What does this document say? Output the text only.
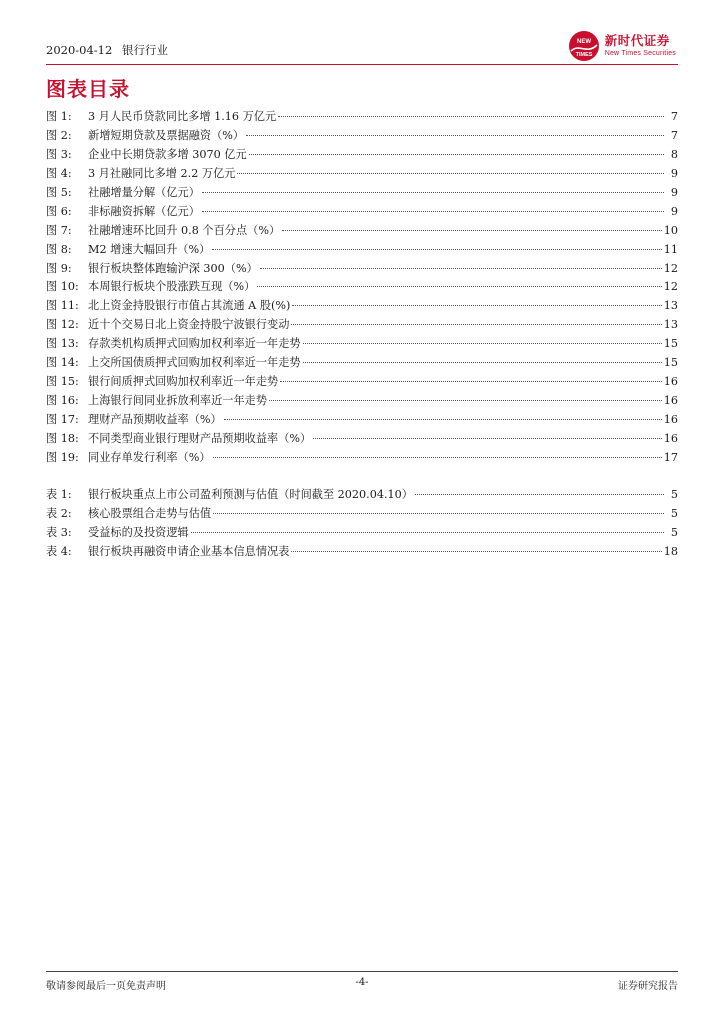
2020-04-12 银行行业
NEW
TIMES
新时代证券
New Times Securities
图表目录
图 1:	3 月人民币贷款同比多增 1.16 万亿元	7
图 2:	新增短期贷款及票据融资（%）	7
图 3:	企业中长期贷款多增 3070 亿元	8
图 4:	3 月社融同比多增 2.2 万亿元	9
图 5:	社融增量分解（亿元）	9
图 6:	非标融资拆解（亿元）	9
图 7:	社融增速环比回升 0.8 个百分点（%）	10
图 8:	M2 增速大幅回升（%）	11
图 9:	银行板块整体跑输沪深 300（%）	12
图 10: 本周银行板块个股涨跌互现（%）	12
图 11: 北上资金持股银行市值占其流通 A 股(%)	13
图 12: 近十个交易日北上资金持股宁波银行变动	13
图 13: 存款类机构质押式回购加权利率近一年走势	15
图 14: 上交所国债质押式回购加权利率近一年走势	15
图 15: 银行间质押式回购加权利率近一年走势	16
图 16: 上海银行间同业拆放利率近一年走势	16
图 17: 理财产品预期收益率（%）	16
图 18: 不同类型商业银行理财产品预期收益率（%）	16
图 19: 同业存单发行利率（%）	17
表 1:	银行板块重点上市公司盈利预测与估值（时间截至 2020.04.10）	5
表 2:	核心股票组合走势与估值	5
表 3:	受益标的及投资逻辑	5
表 4:	银行板块再融资申请企业基本信息情况表	18
敬请参阅最后一页免责声明	-4-	证券研究报告
